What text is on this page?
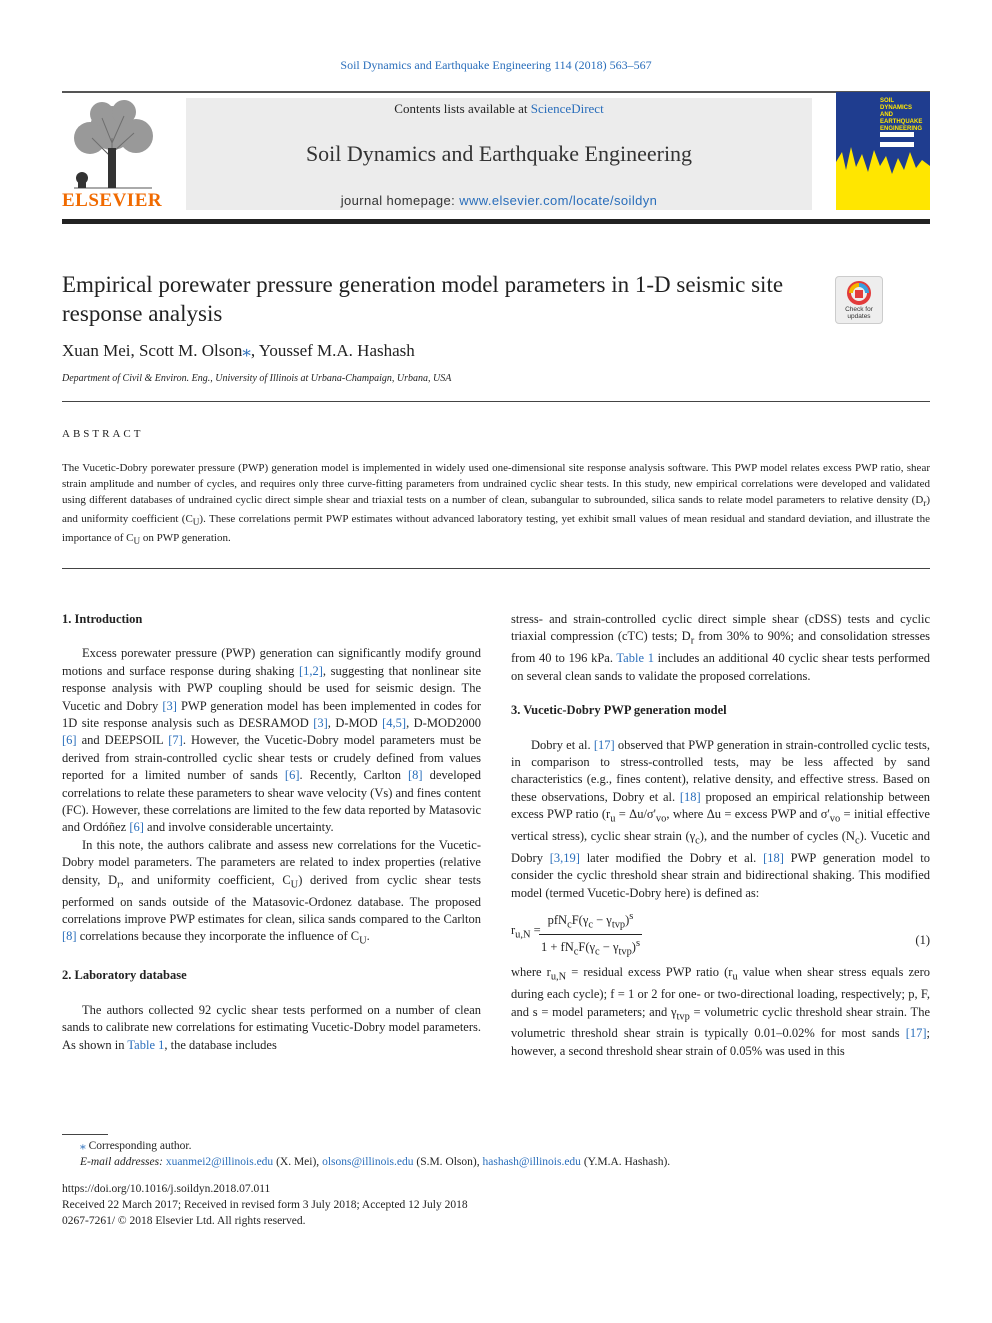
Soil Dynamics and Earthquake Engineering 114 (2018) 563–567
ELSEVIER
Contents lists available at ScienceDirect
Soil Dynamics and Earthquake Engineering
journal homepage: www.elsevier.com/locate/soildyn
SOIL DYNAMICS AND EARTHQUAKE ENGINEERING
Empirical porewater pressure generation model parameters in 1-D seismic site response analysis	Check for updates
Xuan Mei, Scott M. Olson⁎, Youssef M.A. Hashash
Department of Civil & Environ. Eng., University of Illinois at Urbana-Champaign, Urbana, USA
ABSTRACT
The Vucetic-Dobry porewater pressure (PWP) generation model is implemented in widely used one-dimensional site response analysis software. This PWP model relates excess PWP ratio, shear strain amplitude and number of cycles, and requires only three curve-fitting parameters from undrained cyclic shear tests. In this study, new empirical correlations were developed and validated using different databases of undrained cyclic direct simple shear and triaxial tests on a number of clean, subangular to subrounded, silica sands to relate model parameters to relative density $(D_r)$ and uniformity coefficient $(C_U)$. These correlations permit PWP estimates without advanced laboratory testing, yet exhibit small values of mean residual and standard deviation, and illustrate the importance of $C_U$ on PWP generation.
1. Introduction

Excess porewater pressure (PWP) generation can significantly modify ground motions and surface response during shaking [1,2], suggesting that nonlinear site response analysis with PWP coupling should be used for seismic design. The Vucetic and Dobry [3] PWP generation model has been implemented in codes for 1D site response analysis such as DESRAMOD [3], D-MOD [4,5], D-MOD2000 [6] and DEEPSOIL [7]. However, the Vucetic-Dobry model parameters must be derived from strain-controlled cyclic shear tests or crudely defined from values reported for a limited number of sands [6]. Recently, Carlton [8] developed correlations to relate these parameters to shear wave velocity (Vs) and fines content (FC). However, these correlations are limited to the few data reported by Matasovic and Ordóñez [6] and involve considerable uncertainty.

In this note, the authors calibrate and assess new correlations for the Vucetic-Dobry model parameters. The parameters are related to index properties (relative density, $D_r$, and uniformity coefficient, $C_U$) derived from cyclic shear tests performed on sands outside of the Matasovic-Ordonez database. The proposed correlations improve PWP estimates for clean, silica sands compared to the Carlton [8] correlations because they incorporate the influence of $C_U$.

2. Laboratory database

The authors collected 92 cyclic shear tests performed on a number of clean sands to calibrate new correlations for estimating Vucetic-Dobry model parameters. As shown in Table 1, the database includes

stress- and strain-controlled cyclic direct simple shear (cDSS) tests and cyclic triaxial compression (cTC) tests; $D_r$ from 30% to 90%; and consolidation stresses from 40 to 196 kPa. Table 1 includes an additional 40 cyclic shear tests performed on several clean sands to validate the proposed correlations.

3. Vucetic-Dobry PWP generation model

Dobry et al. [17] observed that PWP generation in strain-controlled cyclic tests, in comparison to stress-controlled tests, may be less affected by sand characteristics (e.g., fines content), relative density, and effective stress. Based on these observations, Dobry et al. [18] proposed an empirical relationship between excess PWP ratio ($r_u = \Delta u/\sigma'_{vo}$, where Δu = excess PWP and $\sigma'_{vo}$ = initial effective vertical stress), cyclic shear strain $(\gamma_c)$, and the number of cycles $(N_c)$. Vucetic and Dobry [3,19] later modified the Dobry et al. [18] PWP generation model to consider the cyclic threshold shear strain and bidirectional shaking. This modified model (termed Vucetic-Dobry here) is defined as:

$r_{u,N}$ =
$pfN_cF(\gamma_c - \gamma_{tvp})^s$
$1 + fN_cF(\gamma_c - \gamma_{tvp})^s$	(1)

where $r_{u,N}$ = residual excess PWP ratio ($r_u$ value when shear stress equals zero during each cycle); f = 1 or 2 for one- or two-directional loading, respectively; p, F, and s = model parameters; and $\gamma_{tvp}$ = volumetric cyclic threshold shear strain. The volumetric threshold shear strain is typically 0.01–0.02% for most sands [17]; however, a second threshold shear strain of 0.05% was used in this

⁎ Corresponding author.
E-mail addresses: xuanmei2@illinois.edu (X. Mei), olsons@illinois.edu (S.M. Olson), hashash@illinois.edu (Y.M.A. Hashash).
https://doi.org/10.1016/j.soildyn.2018.07.011
Received 22 March 2017; Received in revised form 3 July 2018; Accepted 12 July 2018
0267-7261/ © 2018 Elsevier Ltd. All rights reserved.
